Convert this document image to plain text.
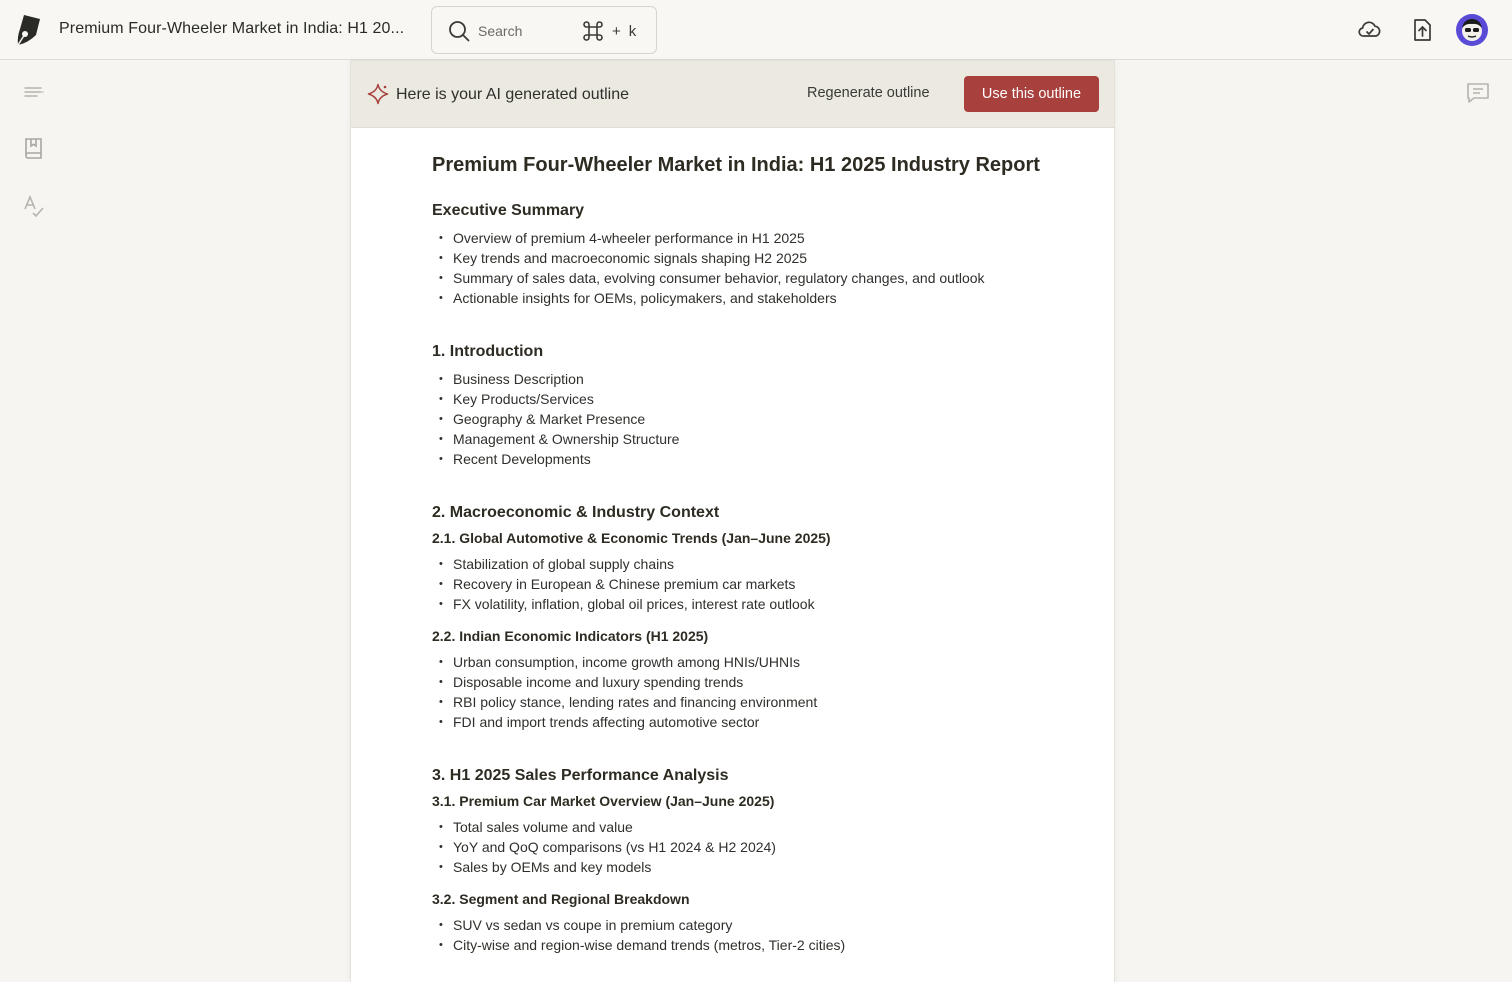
Premium Four-Wheeler Market in India: H1 20...	Search	+ k
Here is your AI generated outline	Regenerate outline	Use this outline
Premium Four-Wheeler Market in India: H1 2025 Industry Report
Executive Summary
• Overview of premium 4-wheeler performance in H1 2025
• Key trends and macroeconomic signals shaping H2 2025
• Summary of sales data, evolving consumer behavior, regulatory changes, and outlook
• Actionable insights for OEMs, policymakers, and stakeholders
1. Introduction
• Business Description
• Key Products/Services
• Geography & Market Presence
• Management & Ownership Structure
• Recent Developments
2. Macroeconomic & Industry Context
2.1. Global Automotive & Economic Trends (Jan–June 2025)
• Stabilization of global supply chains
• Recovery in European & Chinese premium car markets
• FX volatility, inflation, global oil prices, interest rate outlook
2.2. Indian Economic Indicators (H1 2025)
• Urban consumption, income growth among HNIs/UHNIs
• Disposable income and luxury spending trends
• RBI policy stance, lending rates and financing environment
• FDI and import trends affecting automotive sector
3. H1 2025 Sales Performance Analysis
3.1. Premium Car Market Overview (Jan–June 2025)
• Total sales volume and value
• YoY and QoQ comparisons (vs H1 2024 & H2 2024)
• Sales by OEMs and key models
3.2. Segment and Regional Breakdown
• SUV vs sedan vs coupe in premium category
• City-wise and region-wise demand trends (metros, Tier-2 cities)
